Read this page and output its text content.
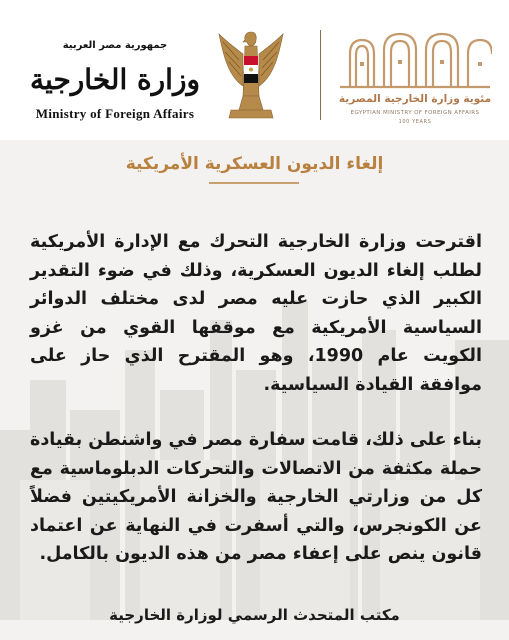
جمهورية مصر العربية
وزارة الخارجية
Ministry of Foreign Affairs
مئوية وزارة الخارجية المصرية
EGYPTIAN MINISTRY OF FOREIGN AFFAIRS
100 YEARS
إلغاء الديون العسكرية الأمريكية
اقترحت وزارة الخارجية التحرك مع الإدارة الأمريكية لطلب إلغاء الديون العسكرية، وذلك في ضوء التقدير الكبير الذي حازت عليه مصر لدى مختلف الدوائر السياسية الأمريكية مع موقفها القوي من غزو الكويت عام 1990، وهو المقترح الذي حاز على موافقة القيادة السياسية.
بناء على ذلك، قامت سفارة مصر في واشنطن بقيادة حملة مكثفة من الاتصالات والتحركات الدبلوماسية مع كل من وزارتي الخارجية والخزانة الأمريكيتين فضلاً عن الكونجرس، والتي أسفرت في النهاية عن اعتماد قانون ينص على إعفاء مصر من هذه الديون بالكامل.
مكتب المتحدث الرسمي لوزارة الخارجية
